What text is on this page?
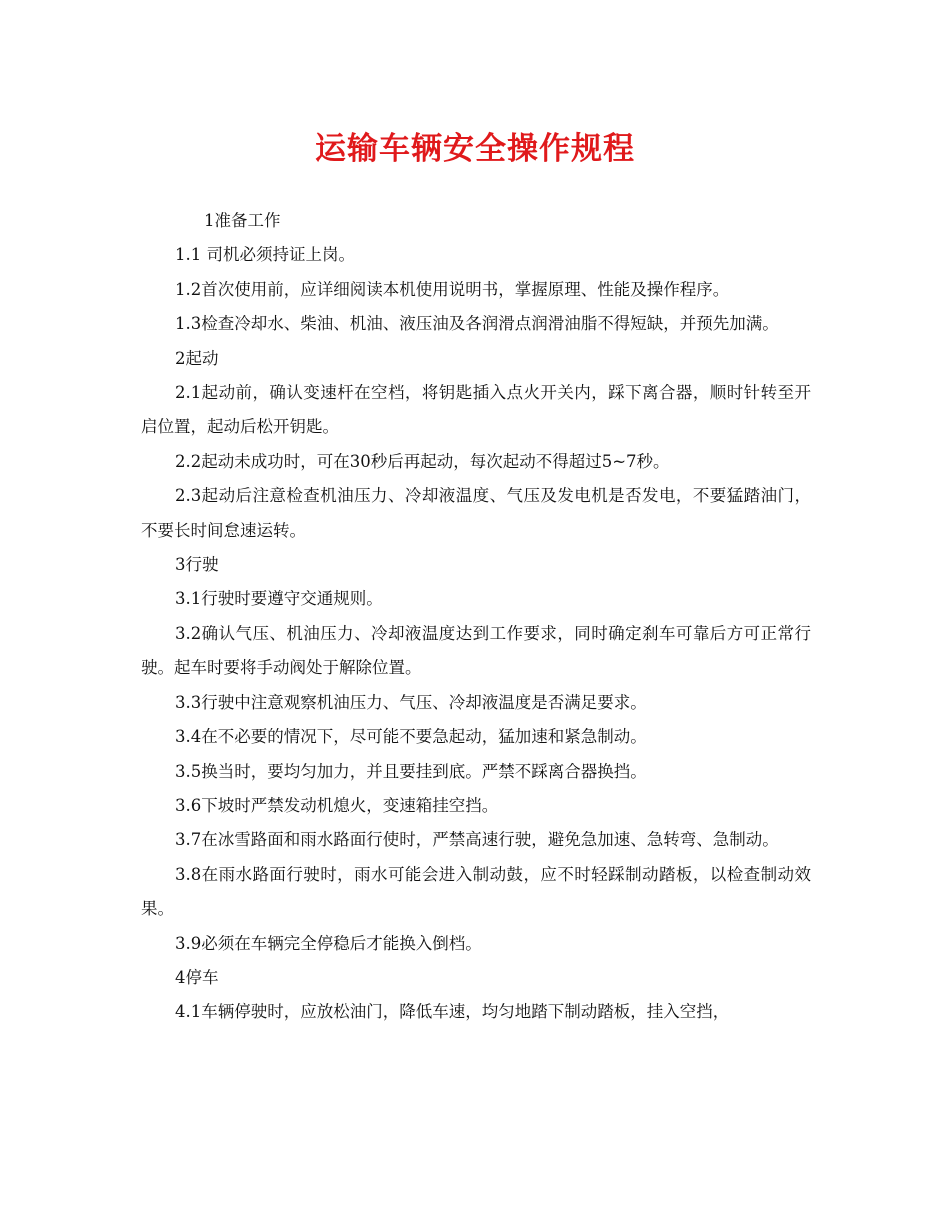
运输车辆安全操作规程

1准备工作

1.1 司机必须持证上岗。

1.2首次使用前，应详细阅读本机使用说明书，掌握原理、性能及操作程序。

1.3检查冷却水、柴油、机油、液压油及各润滑点润滑油脂不得短缺，并预先加满。

2起动

2.1起动前，确认变速杆在空档，将钥匙插入点火开关内，踩下离合器，顺时针转至开启位置，起动后松开钥匙。

2.2起动未成功时，可在30秒后再起动，每次起动不得超过5~7秒。

2.3起动后注意检查机油压力、冷却液温度、气压及发电机是否发电，不要猛踏油门，不要长时间怠速运转。

3行驶

3.1行驶时要遵守交通规则。

3.2确认气压、机油压力、冷却液温度达到工作要求，同时确定刹车可靠后方可正常行驶。起车时要将手动阀处于解除位置。

3.3行驶中注意观察机油压力、气压、冷却液温度是否满足要求。

3.4在不必要的情况下，尽可能不要急起动，猛加速和紧急制动。

3.5换当时，要均匀加力，并且要挂到底。严禁不踩离合器换挡。

3.6下坡时严禁发动机熄火，变速箱挂空挡。

3.7在冰雪路面和雨水路面行使时，严禁高速行驶，避免急加速、急转弯、急制动。

3.8在雨水路面行驶时，雨水可能会进入制动鼓，应不时轻踩制动踏板，以检查制动效果。

3.9必须在车辆完全停稳后才能换入倒档。

4停车

4.1车辆停驶时，应放松油门，降低车速，均匀地踏下制动踏板，挂入空挡，
